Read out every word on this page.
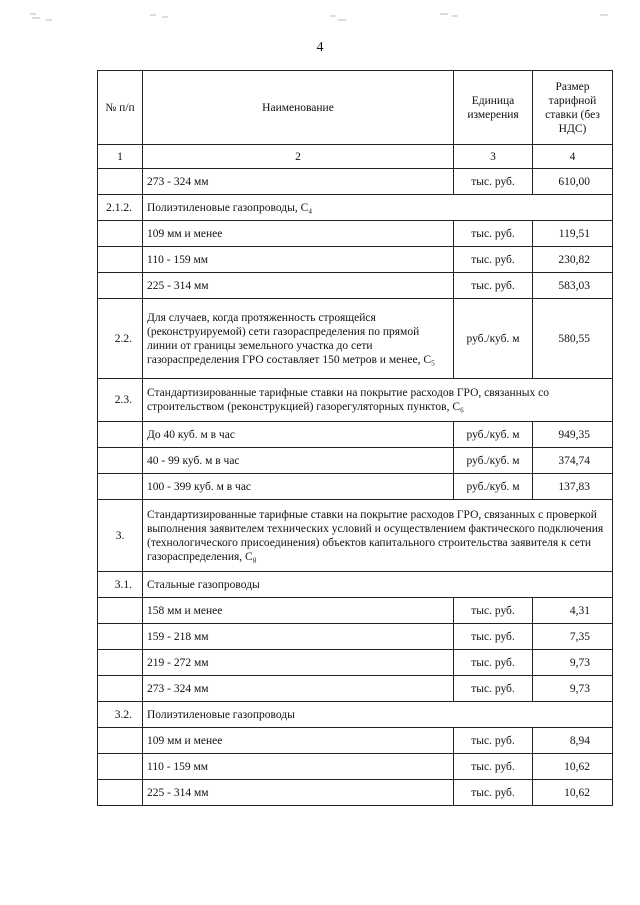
4
№ п/п	Наименование	Единица измерения	Размер тарифной ставки (без НДС)
1	2	3	4
	273 - 324 мм	тыс. руб.	610,00
2.1.2.	Полиэтиленовые газопроводы, С₄		
	109 мм и менее	тыс. руб.	119,51
	110 - 159 мм	тыс. руб.	230,82
	225 - 314 мм	тыс. руб.	583,03
2.2.	Для случаев, когда протяженность строящейся (реконструируемой) сети газораспределения по прямой линии от границы земельного участка до сети газораспределения ГРО составляет 150 метров и менее, С₅	руб./куб. м	580,55
2.3.	Стандартизированные тарифные ставки на покрытие расходов ГРО, связанных со строительством (реконструкцией) газорегуляторных пунктов, С₆		
	До 40 куб. м в час	руб./куб. м	949,35
	40 - 99 куб. м в час	руб./куб. м	374,74
	100 - 399 куб. м в час	руб./куб. м	137,83
3.	Стандартизированные тарифные ставки на покрытие расходов ГРО, связанных с проверкой выполнения заявителем технических условий и осуществлением фактического подключения (технологического присоединения) объектов капитального строительства заявителя к сети газораспределения, С₈		
3.1.	Стальные газопроводы		
	158 мм и менее	тыс. руб.	4,31
	159 - 218 мм	тыс. руб.	7,35
	219 - 272 мм	тыс. руб.	9,73
	273 - 324 мм	тыс. руб.	9,73
3.2.	Полиэтиленовые газопроводы		
	109 мм и менее	тыс. руб.	8,94
	110 - 159 мм	тыс. руб.	10,62
	225 - 314 мм	тыс. руб.	10,62
